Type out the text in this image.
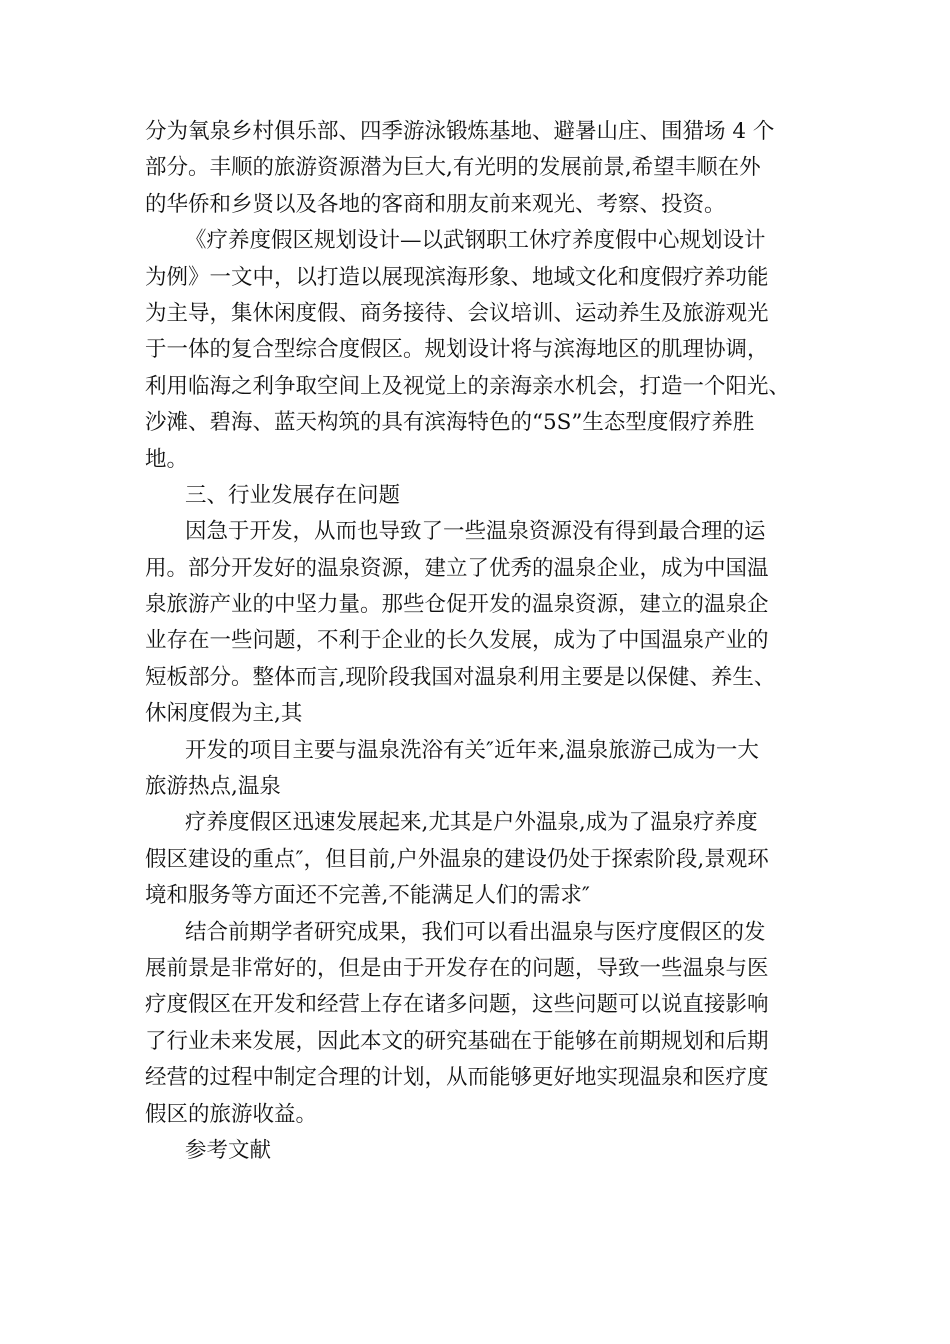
分为氧泉乡村俱乐部、四季游泳锻炼基地、避暑山庄、围猎场 4 个
部分。丰顺的旅游资源潜为巨大,有光明的发展前景,希望丰顺在外
的华侨和乡贤以及各地的客商和朋友前来观光、考察、投资。
《疗养度假区规划设计—以武钢职工休疗养度假中心规划设计
为例》一文中，以打造以展现滨海形象、地域文化和度假疗养功能
为主导，集休闲度假、商务接待、会议培训、运动养生及旅游观光
于一体的复合型综合度假区。规划设计将与滨海地区的肌理协调，
利用临海之利争取空间上及视觉上的亲海亲水机会，打造一个阳光、
沙滩、碧海、蓝天构筑的具有滨海特色的“5S”生态型度假疗养胜
地。
三、行业发展存在问题
因急于开发，从而也导致了一些温泉资源没有得到最合理的运
用。部分开发好的温泉资源，建立了优秀的温泉企业，成为中国温
泉旅游产业的中坚力量。那些仓促开发的温泉资源，建立的温泉企
业存在一些问题，不利于企业的长久发展，成为了中国温泉产业的
短板部分。整体而言,现阶段我国对温泉利用主要是以保健、养生、
休闲度假为主,其
开发的项目主要与温泉洗浴有关″近年来,温泉旅游己成为一大
旅游热点,温泉
疗养度假区迅速发展起来,尤其是户外温泉,成为了温泉疗养度
假区建设的重点″，但目前,户外温泉的建设仍处于探索阶段,景观环
境和服务等方面还不完善,不能满足人们的需求″
结合前期学者研究成果，我们可以看出温泉与医疗度假区的发
展前景是非常好的，但是由于开发存在的问题，导致一些温泉与医
疗度假区在开发和经营上存在诸多问题，这些问题可以说直接影响
了行业未来发展，因此本文的研究基础在于能够在前期规划和后期
经营的过程中制定合理的计划，从而能够更好地实现温泉和医疗度
假区的旅游收益。
参考文献
